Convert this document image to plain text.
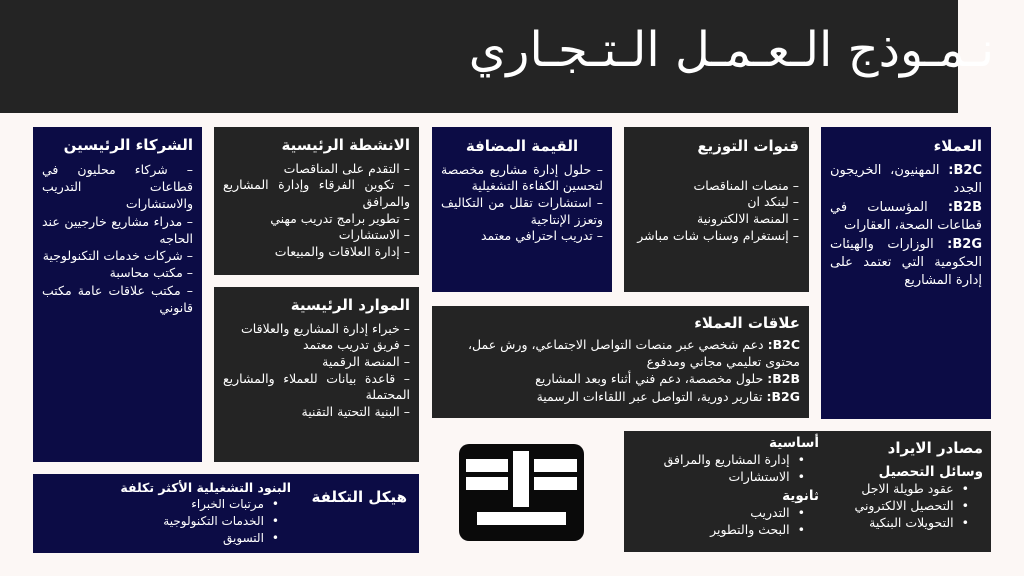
نـمـوذج الـعـمـل الـتـجـاري
العملاء
B2C: المهنيون، الخريجون الجدد
B2B: المؤسسات في قطاعات الصحة، العقارات
B2G: الوزارات والهيئات الحكومية التي تعتمد على إدارة المشاريع
قنوات التوزيع
– منصات المناقصات
– لينكد ان
– المنصة الالكترونية
– إنستغرام وسناب شات مباشر
القيمة المضافة
– حلول إدارة مشاريع مخصصة لتحسين الكفاءة التشغيلية
– استشارات تقلل من التكاليف وتعزز الإنتاجية
– تدريب احترافي معتمد
الانشطة الرئيسية
– التقدم على المناقصات
– تكوين الفرقاء وإدارة المشاريع والمرافق
– تطوير برامج تدريب مهني
– الاستشارات
– إدارة العلاقات والمبيعات
الشركاء الرئيسين
– شركاء محليون في قطاعات التدريب والاستشارات
– مدراء مشاريع خارجيين عند الحاجه
– شركات خدمات التكنولوجية
– مكتب محاسبة
– مكتب علاقات عامة مكتب قانوني	الموارد الرئيسية
– خبراء إدارة المشاريع والعلاقات
– فريق تدريب معتمد
– المنصة الرقمية
– قاعدة بيانات للعملاء والمشاريع المحتملة
– البنية التحتية التقنية
علاقات العملاء
B2C: دعم شخصي عبر منصات التواصل الاجتماعي، ورش عمل، محتوى تعليمي مجاني ومدفوع
B2B: حلول مخصصة، دعم فني أثناء وبعد المشاريع
B2G: تقارير دورية، التواصل عبر اللقاءات الرسمية
مصادر الايراد
وسائل التحصيل
• عقود طويلة الاجل
• التحصيل الالكتروني
• التحويلات البنكية
أساسية
• إدارة المشاريع والمرافق
• الاستشارات
ثانوية
• التدريب
• البحث والتطوير
هيكل التكلفة
البنود التشغيلية الأكثر تكلفة
• مرتبات الخبراء
• الخدمات التكنولوجية
• التسويق
